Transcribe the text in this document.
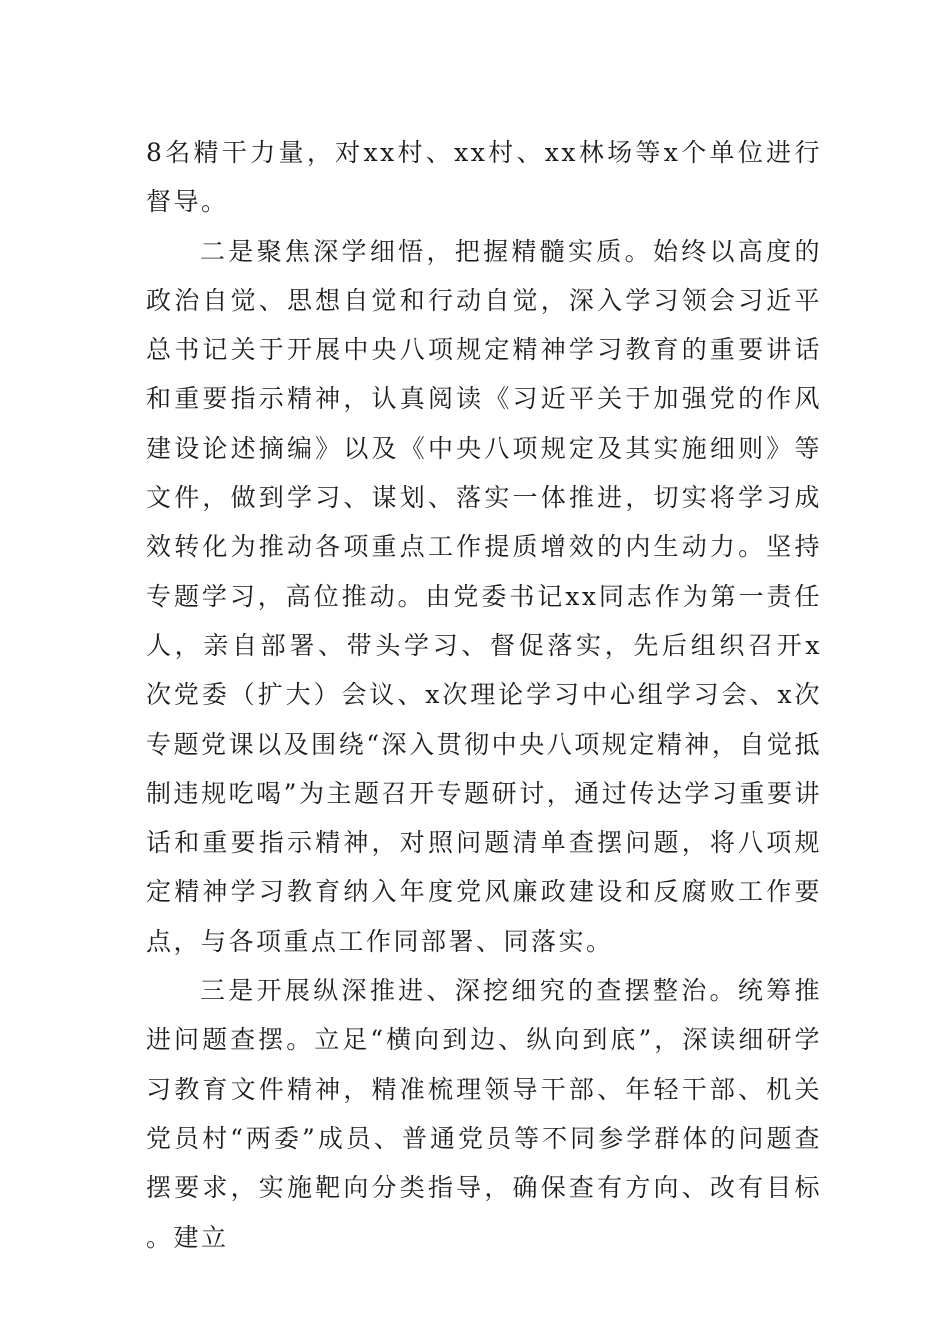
8名精干力量，对xx村、xx村、xx林场等x个单位进行督导。

二是聚焦深学细悟，把握精髓实质。始终以高度的政治自觉、思想自觉和行动自觉，深入学习领会习近平总书记关于开展中央八项规定精神学习教育的重要讲话和重要指示精神，认真阅读《习近平关于加强党的作风建设论述摘编》以及《中央八项规定及其实施细则》等文件，做到学习、谋划、落实一体推进，切实将学习成效转化为推动各项重点工作提质增效的内生动力。坚持专题学习，高位推动。由党委书记xx同志作为第一责任人，亲自部署、带头学习、督促落实，先后组织召开x次党委（扩大）会议、x次理论学习中心组学习会、x次专题党课以及围绕“深入贯彻中央八项规定精神，自觉抵制违规吃喝”为主题召开专题研讨，通过传达学习重要讲话和重要指示精神，对照问题清单查摆问题，将八项规定精神学习教育纳入年度党风廉政建设和反腐败工作要点，与各项重点工作同部署、同落实。

三是开展纵深推进、深挖细究的查摆整治。统筹推进问题查摆。立足“横向到边、纵向到底”，深读细研学习教育文件精神，精准梳理领导干部、年轻干部、机关党员村“两委”成员、普通党员等不同参学群体的问题查摆要求，实施靶向分类指导，确保查有方向、改有目标。建立
